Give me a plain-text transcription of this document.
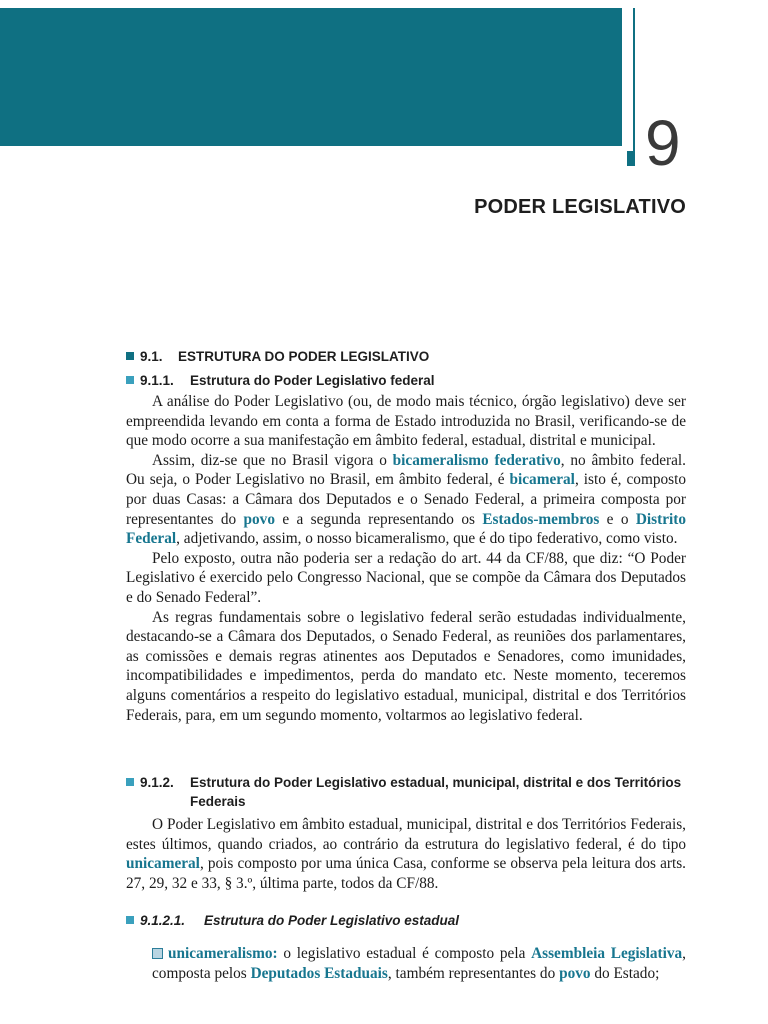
9
PODER LEGISLATIVO
9.1. ESTRUTURA DO PODER LEGISLATIVO
9.1.1. Estrutura do Poder Legislativo federal

A análise do Poder Legislativo (ou, de modo mais técnico, órgão legislativo) deve ser empreendida levando em conta a forma de Estado introduzida no Brasil, verificando-se de que modo ocorre a sua manifestação em âmbito federal, estadual, distrital e municipal.

Assim, diz-se que no Brasil vigora o bicameralismo federativo, no âmbito federal. Ou seja, o Poder Legislativo no Brasil, em âmbito federal, é bicameral, isto é, composto por duas Casas: a Câmara dos Deputados e o Senado Federal, a primeira composta por representantes do povo e a segunda representando os Estados-membros e o Distrito Federal, adjetivando, assim, o nosso bicameralismo, que é do tipo federativo, como visto.

Pelo exposto, outra não poderia ser a redação do art. 44 da CF/88, que diz: “O Poder Legislativo é exercido pelo Congresso Nacional, que se compõe da Câmara dos Deputados e do Senado Federal”.

As regras fundamentais sobre o legislativo federal serão estudadas individualmente, destacando-se a Câmara dos Deputados, o Senado Federal, as reuniões dos parlamentares, as comissões e demais regras atinentes aos Deputados e Senadores, como imunidades, incompatibilidades e impedimentos, perda do mandato etc. Neste momento, teceremos alguns comentários a respeito do legislativo estadual, municipal, distrital e dos Territórios Federais, para, em um segundo momento, voltarmos ao legislativo federal.

9.1.2.	Estrutura do Poder Legislativo estadual, municipal, distrital e dos Territórios Federais

O Poder Legislativo em âmbito estadual, municipal, distrital e dos Territórios Federais, estes últimos, quando criados, ao contrário da estrutura do legislativo federal, é do tipo unicameral, pois composto por uma única Casa, conforme se observa pela leitura dos arts. 27, 29, 32 e 33, § 3.º, última parte, todos da CF/88.

9.1.2.1. Estrutura do Poder Legislativo estadual

unicameralismo: o legislativo estadual é composto pela Assembleia Legislativa, composta pelos Deputados Estaduais, também representantes do povo do Estado;
